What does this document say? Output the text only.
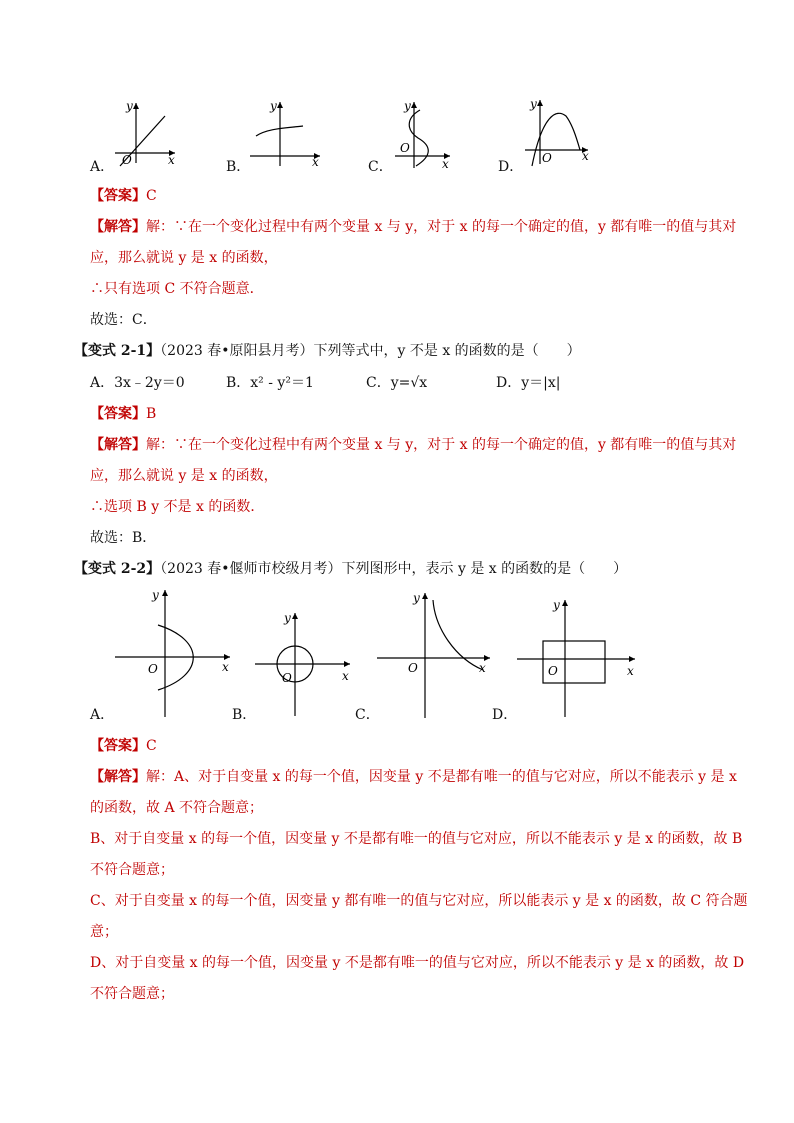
x
y
O
A．	x
y
B．	x
y
O
C．
x
y
O
D．
【答案】C
【解答】解：∵在一个变化过程中有两个变量 x 与 y，对于 x 的每一个确定的值，y 都有唯一的值与其对
应，那么就说 y 是 x 的函数，
∴只有选项 C 不符合题意．
故选：C．
【变式 2-1】（2023 春•原阳县月考）下列等式中，y 不是 x 的函数的是（　　）
A．3x﹣2y＝0	B．x² - y²＝1	C．y=√x	D．y＝|x|
【答案】B
【解答】解：∵在一个变化过程中有两个变量 x 与 y，对于 x 的每一个确定的值，y 都有唯一的值与其对
应，那么就说 y 是 x 的函数，
∴选项 B y 不是 x 的函数．
故选：B．
【变式 2-2】（2023 春•偃师市校级月考）下列图形中，表示 y 是 x 的函数的是（　　）
x
y
O
A．
x
y
O
B．
x
y
O
C．
x
y
O
D．
【答案】C
【解答】解：A、对于自变量 x 的每一个值，因变量 y 不是都有唯一的值与它对应，所以不能表示 y 是 x
的函数，故 A 不符合题意；
B、对于自变量 x 的每一个值，因变量 y 不是都有唯一的值与它对应，所以不能表示 y 是 x 的函数，故 B
不符合题意；
C、对于自变量 x 的每一个值，因变量 y 都有唯一的值与它对应，所以能表示 y 是 x 的函数，故 C 符合题
意；
D、对于自变量 x 的每一个值，因变量 y 不是都有唯一的值与它对应，所以不能表示 y 是 x 的函数，故 D
不符合题意；
